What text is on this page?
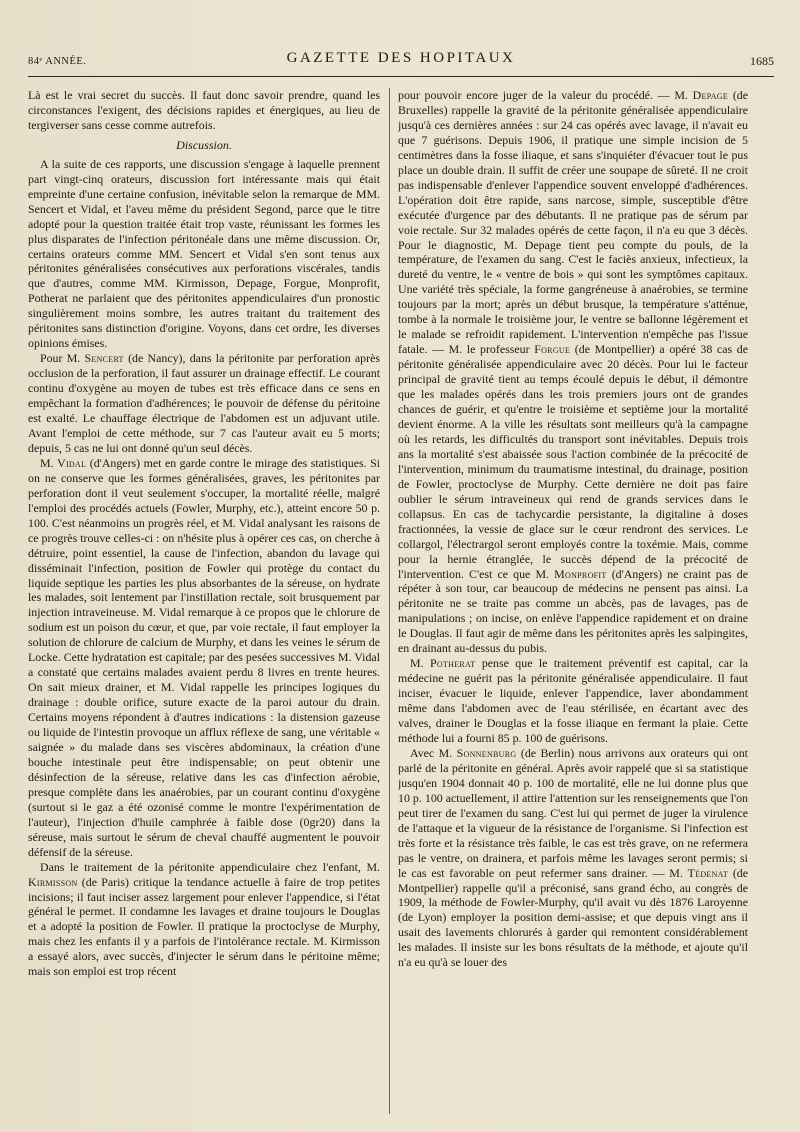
84ᵉ ANNÉE.	GAZETTE DES HOPITAUX	1685

Là est le vrai secret du succès. Il faut donc savoir prendre, quand les circonstances l'exigent, des décisions rapides et énergiques, au lieu de tergiverser sans cesse comme autrefois.

Discussion.

A la suite de ces rapports, une discussion s'engage à laquelle prennent part vingt-cinq orateurs, discussion fort intéressante mais qui était empreinte d'une certaine confusion, inévitable selon la remarque de MM. Sencert et Vidal, et l'aveu même du président Segond, parce que le titre adopté pour la question traitée était trop vaste, réunissant les formes les plus disparates de l'infection péritonéale dans une même discussion. Or, certains orateurs comme MM. Sencert et Vidal s'en sont tenus aux péritonites généralisées consécutives aux perforations viscérales, tandis que d'autres, comme MM. Kirmisson, Depage, Forgue, Monprofit, Potherat ne parlaient que des péritonites appendiculaires d'un pronostic singulièrement moins sombre, les autres traitant du traitement des péritonites sans distinction d'origine. Voyons, dans cet ordre, les diverses opinions émises.

Pour M. Sencert (de Nancy), dans la péritonite par perforation après occlusion de la perforation, il faut assurer un drainage effectif. Le courant continu d'oxygène au moyen de tubes est très efficace dans ce sens en empêchant la formation d'adhérences; le pouvoir de défense du péritoine est exalté. Le chauffage électrique de l'abdomen est un adjuvant utile. Avant l'emploi de cette méthode, sur 7 cas l'auteur avait eu 5 morts; depuis, 5 cas ne lui ont donné qu'un seul décès.

M. Vidal (d'Angers) met en garde contre le mirage des statistiques. Si on ne conserve que les formes généralisées, graves, les péritonites par perforation dont il veut seulement s'occuper, la mortalité réelle, malgré l'emploi des procédés actuels (Fowler, Murphy, etc.), atteint encore 50 p. 100. C'est néanmoins un progrès réel, et M. Vidal analysant les raisons de ce progrès trouve celles-ci : on n'hésite plus à opérer ces cas, on cherche à détruire, point essentiel, la cause de l'infection, abandon du lavage qui disséminait l'infection, position de Fowler qui protège du contact du liquide septique les parties les plus absorbantes de la séreuse, on hydrate les malades, soit lentement par l'instillation rectale, soit brusquement par injection intraveineuse. M. Vidal remarque à ce propos que le chlorure de sodium est un poison du cœur, et que, par voie rectale, il faut employer la solution de chlorure de calcium de Murphy, et dans les veines le sérum de Locke. Cette hydratation est capitale; par des pesées successives M. Vidal a constaté que certains malades avaient perdu 8 livres en trente heures. On sait mieux drainer, et M. Vidal rappelle les principes logiques du drainage : double orifice, suture exacte de la paroi autour du drain. Certains moyens répondent à d'autres indications : la distension gazeuse ou liquide de l'intestin provoque un afflux réflexe de sang, une véritable « saignée » du malade dans ses viscères abdominaux, la création d'une bouche intestinale peut être indispensable; on peut obtenir une désinfection de la séreuse, relative dans les cas d'infection aérobie, presque complète dans les anaérobies, par un courant continu d'oxygène (surtout si le gaz a été ozonisé comme le montre l'expérimentation de l'auteur), l'injection d'huile camphrée à faible dose (0gr20) dans la séreuse, mais surtout le sérum de cheval chauffé augmentent le pouvoir défensif de la séreuse.

Dans le traitement de la péritonite appendiculaire chez l'enfant, M. Kirmisson (de Paris) critique la tendance actuelle à faire de trop petites incisions; il faut inciser assez largement pour enlever l'appendice, si l'état général le permet. Il condamne les lavages et draine toujours le Douglas et a adopté la position de Fowler. Il pratique la proctoclyse de Murphy, mais chez les enfants il y a parfois de l'intolérance rectale. M. Kirmisson a essayé alors, avec succès, d'injecter le sérum dans le péritoine même; mais son emploi est trop récent

pour pouvoir encore juger de la valeur du procédé. — M. Depage (de Bruxelles) rappelle la gravité de la péritonite généralisée appendiculaire jusqu'à ces dernières années : sur 24 cas opérés avec lavage, il n'avait eu que 7 guérisons. Depuis 1906, il pratique une simple incision de 5 centimètres dans la fosse iliaque, et sans s'inquiéter d'évacuer tout le pus place un double drain. Il suffit de créer une soupape de sûreté. Il ne croit pas indispensable d'enlever l'appendice souvent enveloppé d'adhérences. L'opération doit être rapide, sans narcose, simple, susceptible d'être exécutée d'urgence par des débutants. Il ne pratique pas de sérum par voie rectale. Sur 32 malades opérés de cette façon, il n'a eu que 3 décès. Pour le diagnostic, M. Depage tient peu compte du pouls, de la température, de l'examen du sang. C'est le faciès anxieux, infectieux, la dureté du ventre, le « ventre de bois » qui sont les symptômes capitaux. Une variété très spéciale, la forme gangréneuse à anaérobies, se termine toujours par la mort; après un début brusque, la température s'atténue, tombe à la normale le troisième jour, le ventre se ballonne légèrement et le malade se refroidit rapidement. L'intervention n'empêche pas l'issue fatale. — M. le professeur Forgue (de Montpellier) a opéré 38 cas de péritonite généralisée appendiculaire avec 20 décès. Pour lui le facteur principal de gravité tient au temps écoulé depuis le début, il démontre que les malades opérés dans les trois premiers jours ont de grandes chances de guérir, et qu'entre le troisième et septième jour la mortalité devient énorme. A la ville les résultats sont meilleurs qu'à la campagne où les retards, les difficultés du transport sont inévitables. Depuis trois ans la mortalité s'est abaissée sous l'action combinée de la précocité de l'intervention, minimum du traumatisme intestinal, du drainage, position de Fowler, proctoclyse de Murphy. Cette dernière ne doit pas faire oublier le sérum intraveineux qui rend de grands services dans le collapsus. En cas de tachycardie persistante, la digitaline à doses fractionnées, la vessie de glace sur le cœur rendront des services. Le collargol, l'électrargol seront employés contre la toxémie. Mais, comme pour la hernie étranglée, le succès dépend de la précocité de l'intervention. C'est ce que M. Monprofit (d'Angers) ne craint pas de répéter à son tour, car beaucoup de médecins ne pensent pas ainsi. La péritonite ne se traite pas comme un abcès, pas de lavages, pas de manipulations ; on incise, on enlève l'appendice rapidement et on draine le Douglas. Il faut agir de même dans les péritonites après les salpingites, en drainant au-dessus du pubis.

M. Potherat pense que le traitement préventif est capital, car la médecine ne guérit pas la péritonite généralisée appendiculaire. Il faut inciser, évacuer le liquide, enlever l'appendice, laver abondamment même dans l'abdomen avec de l'eau stérilisée, en écartant avec des valves, drainer le Douglas et la fosse iliaque en fermant la plaie. Cette méthode lui a fourni 85 p. 100 de guérisons.

Avec M. Sonnenburg (de Berlin) nous arrivons aux orateurs qui ont parlé de la péritonite en général. Après avoir rappelé que si sa statistique jusqu'en 1904 donnait 40 p. 100 de mortalité, elle ne lui donne plus que 10 p. 100 actuellement, il attire l'attention sur les renseignements que l'on peut tirer de l'examen du sang. C'est lui qui permet de juger la virulence de l'attaque et la vigueur de la résistance de l'organisme. Si l'infection est très forte et la résistance très faible, le cas est très grave, on ne refermera pas le ventre, on drainera, et parfois même les lavages seront permis; si le cas est favorable on peut refermer sans drainer. — M. Tédenat (de Montpellier) rappelle qu'il a préconisé, sans grand écho, au congrès de 1909, la méthode de Fowler-Murphy, qu'il avait vu dès 1876 Laroyenne (de Lyon) employer la position demi-assise; et que depuis vingt ans il usait des lavements chlorurés à garder qui remontent considérablement les malades. Il insiste sur les bons résultats de la méthode, et ajoute qu'il n'a eu qu'à se louer des
